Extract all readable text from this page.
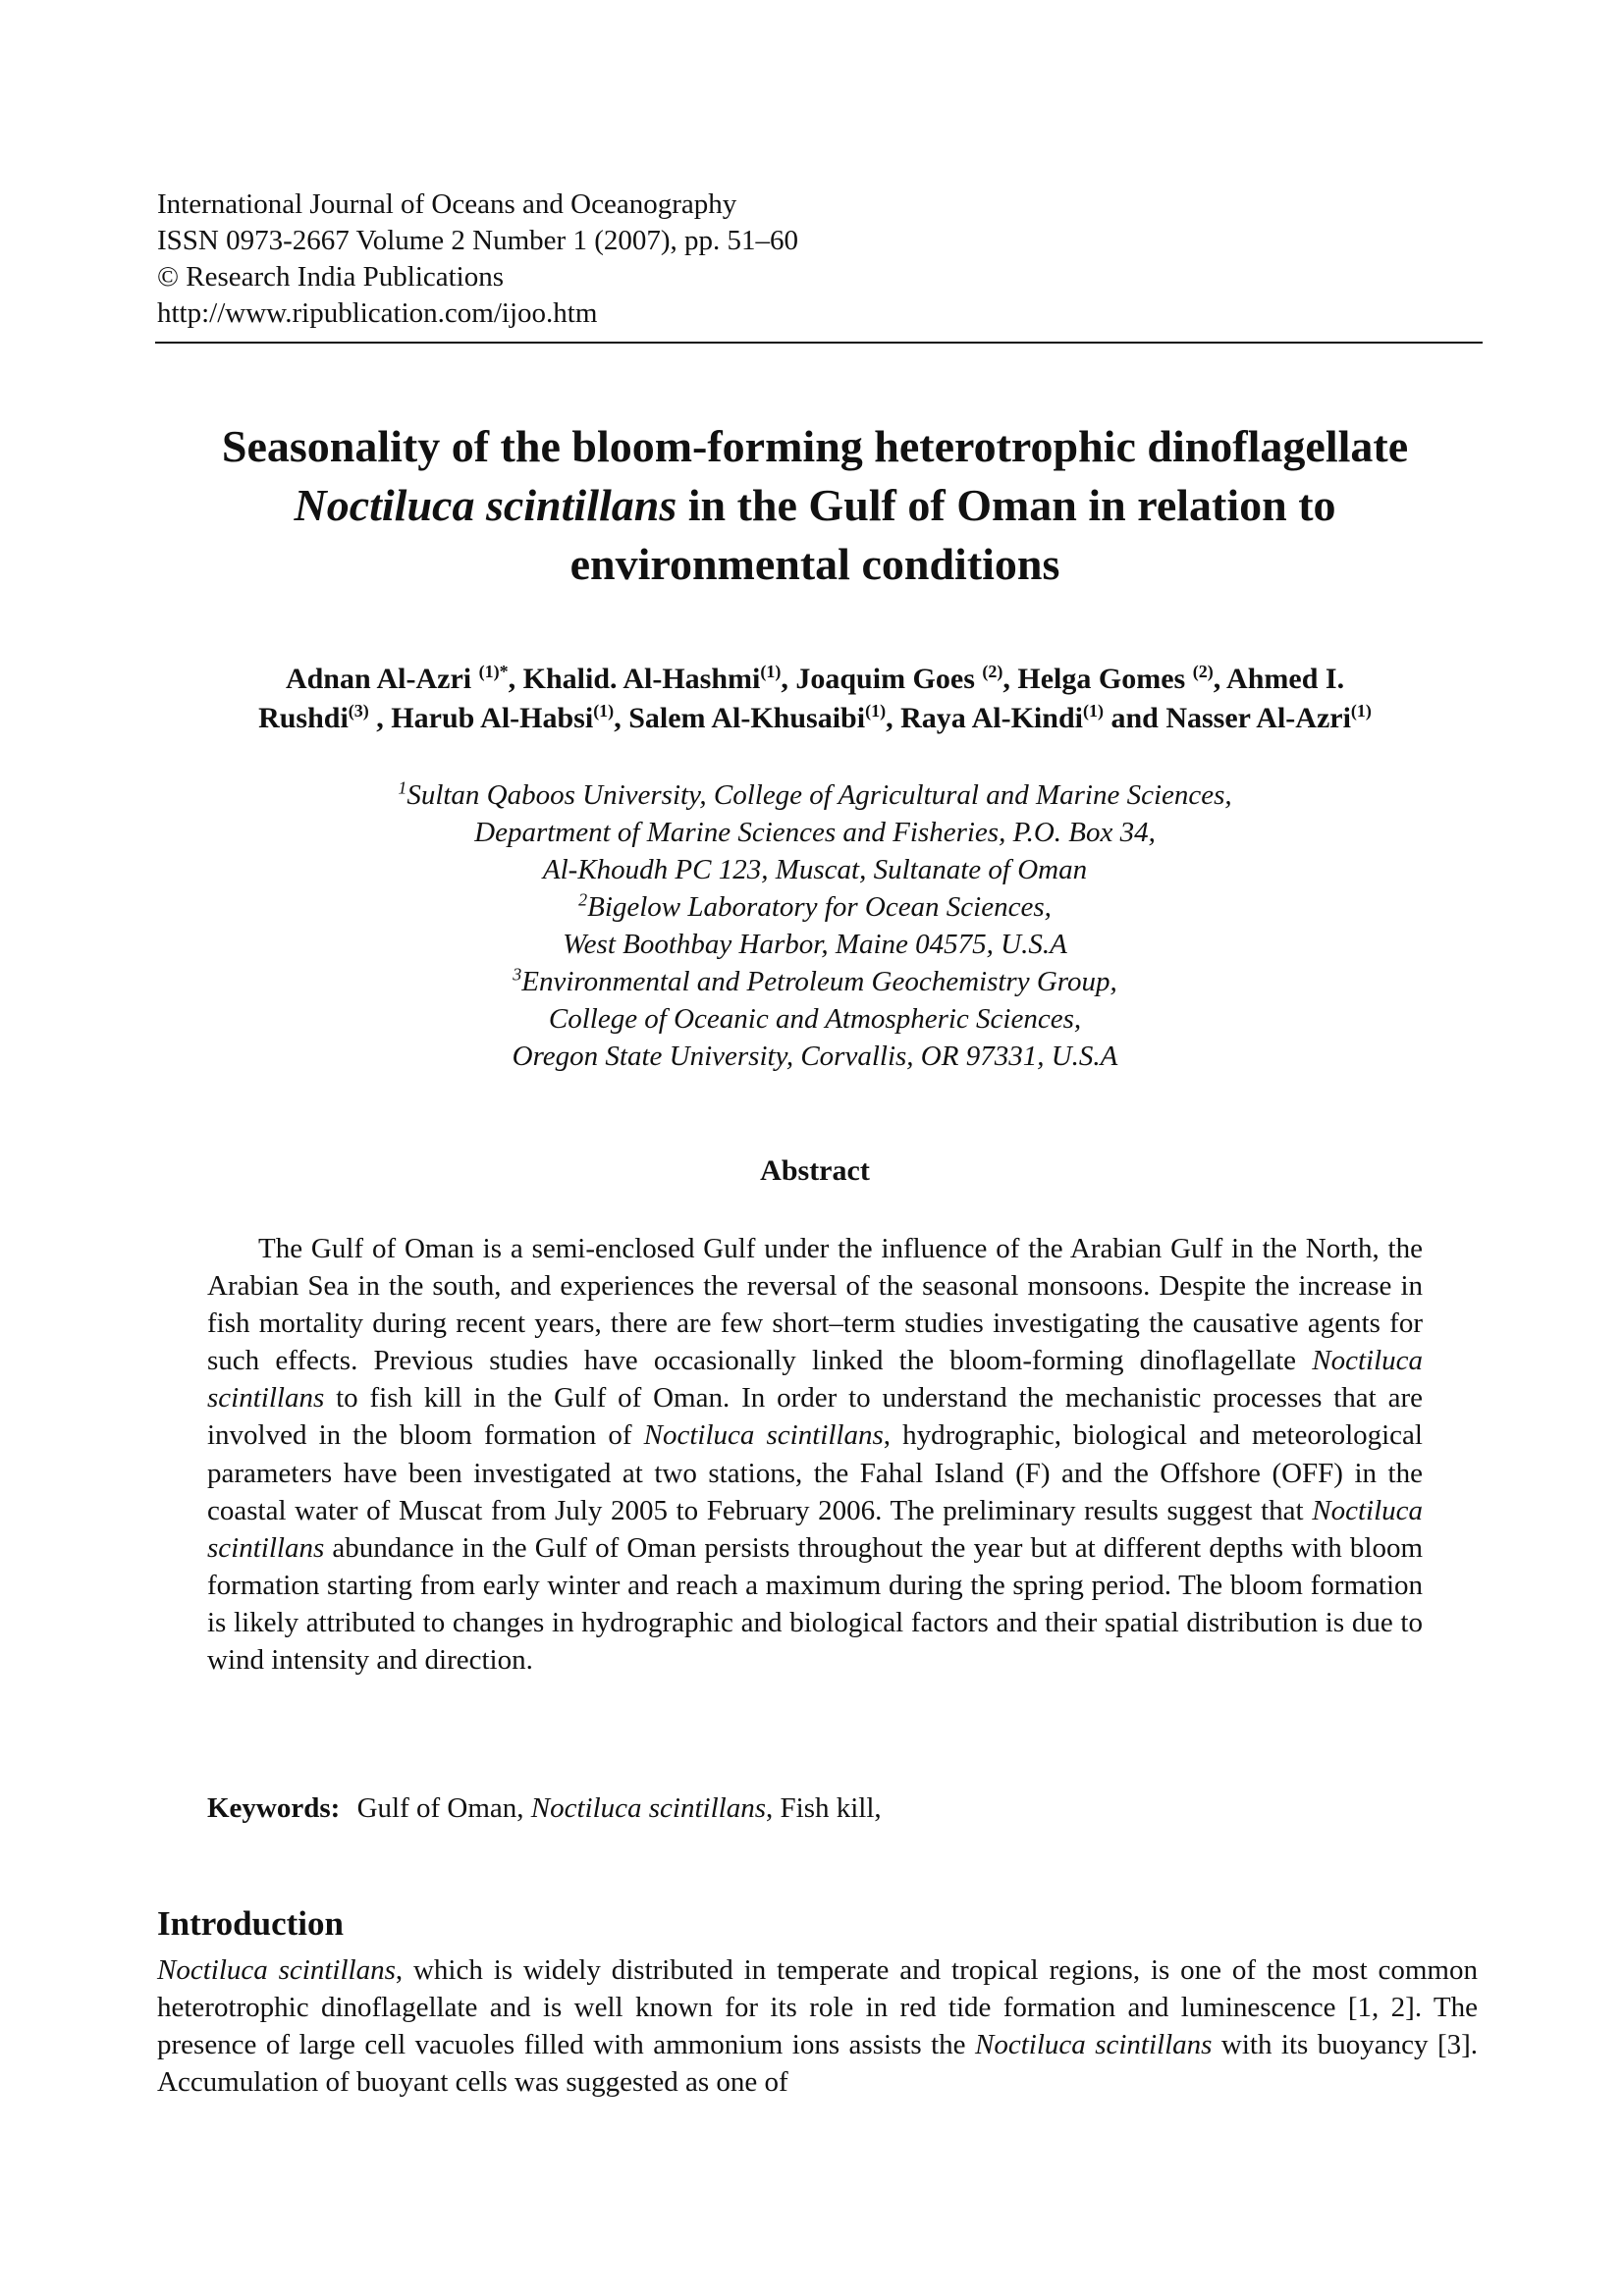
International Journal of Oceans and Oceanography
ISSN 0973-2667 Volume 2 Number 1 (2007), pp. 51–60
© Research India Publications
http://www.ripublication.com/ijoo.htm
Seasonality of the bloom-forming heterotrophic dinoflagellate
Noctiluca scintillans in the Gulf of Oman in relation to
environmental conditions
Adnan Al-Azri $^{(1)*}$, Khalid. Al-Hashmi$^{(1)}$, Joaquim Goes $^{(2)}$, Helga Gomes $^{(2)}$, Ahmed I.
Rushdi$^{(3)}$ , Harub Al-Habsi$^{(1)}$, Salem Al-Khusaibi$^{(1)}$, Raya Al-Kindi$^{(1)}$ and Nasser Al-Azri$^{(1)}$
$^1$Sultan Qaboos University, College of Agricultural and Marine Sciences,
Department of Marine Sciences and Fisheries, P.O. Box 34,
Al-Khoudh PC 123, Muscat, Sultanate of Oman
$^2$Bigelow Laboratory for Ocean Sciences,
West Boothbay Harbor, Maine 04575, U.S.A
$^3$Environmental and Petroleum Geochemistry Group,
College of Oceanic and Atmospheric Sciences,
Oregon State University, Corvallis, OR 97331, U.S.A
Abstract

The Gulf of Oman is a semi-enclosed Gulf under the influence of the Arabian Gulf in the North, the Arabian Sea in the south, and experiences the reversal of the seasonal monsoons. Despite the increase in fish mortality during recent years, there are few short–term studies investigating the causative agents for such effects. Previous studies have occasionally linked the bloom-forming dinoflagellate Noctiluca scintillans to fish kill in the Gulf of Oman. In order to understand the mechanistic processes that are involved in the bloom formation of Noctiluca scintillans, hydrographic, biological and meteorological parameters have been investigated at two stations, the Fahal Island (F) and the Offshore (OFF) in the coastal water of Muscat from July 2005 to February 2006. The preliminary results suggest that Noctiluca scintillans abundance in the Gulf of Oman persists throughout the year but at different depths with bloom formation starting from early winter and reach a maximum during the spring period. The bloom formation is likely attributed to changes in hydrographic and biological factors and their spatial distribution is due to wind intensity and direction.

Keywords: Gulf of Oman, Noctiluca scintillans, Fish kill,
Introduction

Noctiluca scintillans, which is widely distributed in temperate and tropical regions, is one of the most common heterotrophic dinoflagellate and is well known for its role in red tide formation and luminescence [1, 2]. The presence of large cell vacuoles filled with ammonium ions assists the Noctiluca scintillans with its buoyancy [3]. Accumulation of buoyant cells was suggested as one of
